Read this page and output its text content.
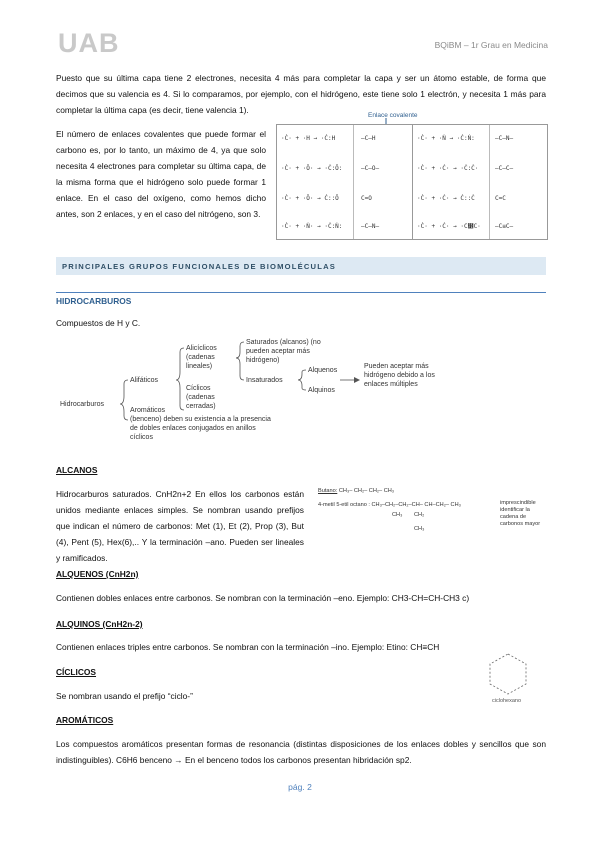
UAB	BQiBM – 1r Grau en Medicina
Puesto que su última capa tiene 2 electrones, necesita 4 más para completar la capa y ser un átomo estable, de forma que decimos que su valencia es 4. Si lo comparamos, por ejemplo, con el hidrógeno, este tiene solo 1 electrón, y necesita 1 más para completar la última capa (es decir, tiene valencia 1).
El número de enlaces covalentes que puede formar el carbono es, por lo tanto, un máximo de 4, ya que solo necesita 4 electrones para completar su última capa, de la misma forma que el hidrógeno solo puede formar 1 enlace. En el caso del oxígeno, como hemos dicho antes, son 2 enlaces, y en el caso del nitrógeno, son 3.
Enlace covalente
·Ċ· + ·H → ·Ċ:H	—C—H	·Ċ· + ·Ṅ → ·Ċ:Ṅ:	—C—N—
·Ċ· + ·Ö· → ·Ċ:Ö:	—C—O—	·Ċ· + ·Ċ· → ·Ċ:Ċ·	—C—C—
·Ċ· + ·Ö· → Ċ::Ö	C=O	·Ċ· + ·Ċ· → Ċ::Ċ	C=C
·Ċ· + ·Ṅ· → ·Ċ:Ṅ:	—C—N—	·Ċ· + ·Ċ· → ·C⻶C· —C≡C—
PRINCIPALES GRUPOS FUNCIONALES DE BIOMOLÉCULAS
HIDROCARBUROS
Compuestos de H y C.
Hidrocarburos
Alifáticos
Aromáticos
(benceno) deben su existencia a la presencia de dobles enlaces conjugados en anillos cíclicos
Alicíclicos (cadenas lineales)
Cíclicos (cadenas cerradas)
Saturados (alcanos) (no pueden aceptar más hidrógeno)
Insaturados
Alquenos
Alquinos
Pueden aceptar más hidrógeno debido a los enlaces múltiples
ALCANOS
Hidrocarburos saturados. CnH2n+2 En ellos los carbonos están unidos mediante enlaces simples. Se nombran usando prefijos que indican el número de carbonos: Met (1), Et (2), Prop (3), But (4), Pent (5), Hex(6),.. Y la terminación –ano. Pueden ser lineales y ramificados.
Butano: CH₃– CH₂– CH₂– CH₃
4-metil 5-etil octano : CH₃–CH₂–CH₂–CH– CH–CH₂– CH₃
CH₃ CH₂
CH₃
imprescindible identificar la cadena de carbonos mayor
ALQUENOS (CnH2n)
Contienen dobles enlaces entre carbonos. Se nombran con la terminación –eno. Ejemplo: CH3-CH=CH-CH3 c)
ALQUINOS (CnH2n-2)
Contienen enlaces triples entre carbonos. Se nombran con la terminación –ino. Ejemplo: Etino: CH≡CH
CÍCLICOS
Se nombran usando el prefijo “ciclo-”	ciclohexano
AROMÁTICOS
Los compuestos aromáticos presentan formas de resonancia (distintas disposiciones de los enlaces dobles y sencillos que son indistinguibles). C6H6 benceno → En el benceno todos los carbonos presentan hibridación sp2.
pág. 2
